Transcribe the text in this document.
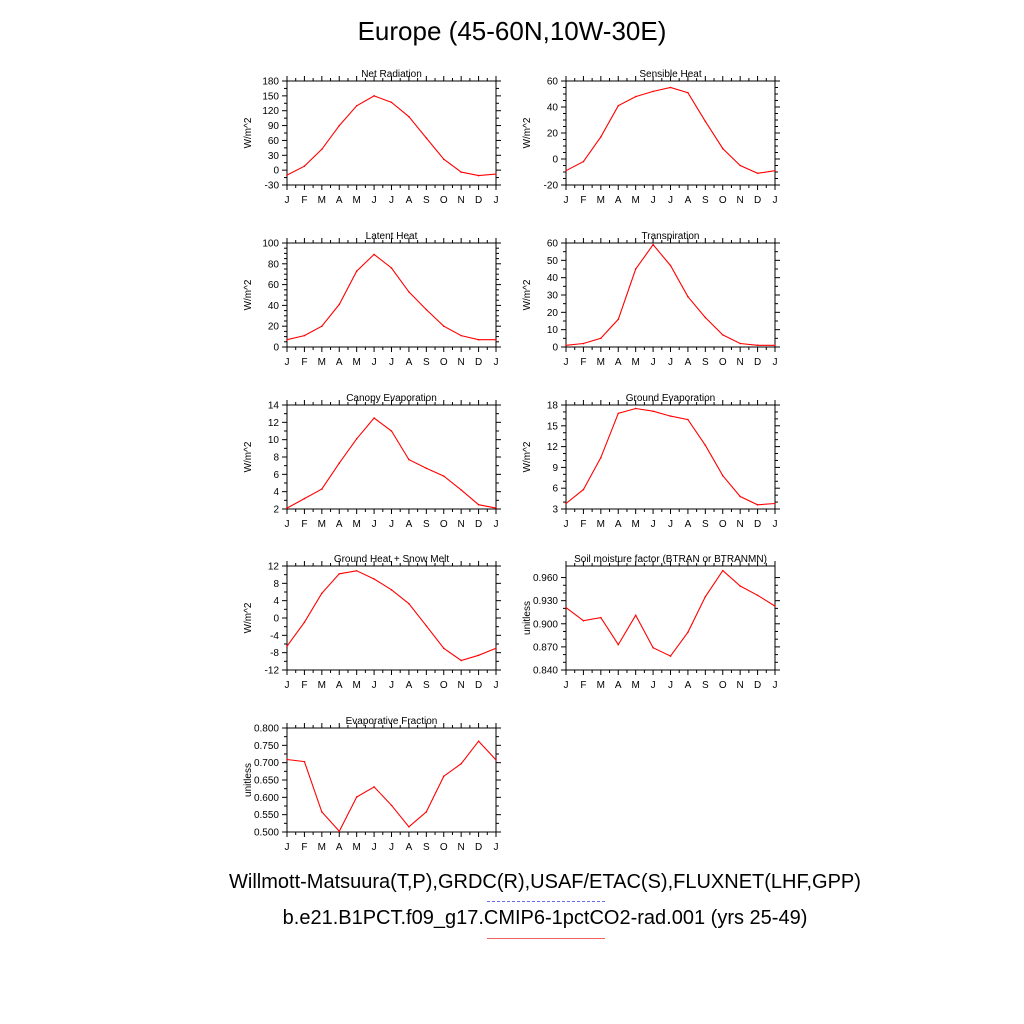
Europe (45-60N,10W-30E)
Net Radiation
W/m^2
-30
0
30
60
90
120
150
180
J F M A M J J A S O N D J
Sensible Heat
W/m^2
-20
0
20
40
60
J F M A M J J A S O N D J
Latent Heat
W/m^2
0
20
40
60
80
100
J F M A M J J A S O N D J
Transpiration
W/m^2
0
10
20
30
40
50
60
J F M A M J J A S O N D J
Canopy Evaporation
W/m^2
2
4
6
8
10
12
14
J F M A M J J A S O N D J
Ground Evaporation
W/m^2
3
6
9
12
15
18
J F M A M J J A S O N D J
Ground Heat + Snow Melt
W/m^2
-12
-8
-4
0
4
8
12
J F M A M J J A S O N D J
Soil moisture factor (BTRAN or BTRANMN)
unitless
0.840
0.870
0.900
0.930
0.960
J F M A M J J A S O N D J
Evaporative Fraction
unitless
0.500
0.550
0.600
0.650
0.700
0.750
0.800
J F M A M J J A S O N D J
Willmott-Matsuura(T,P),GRDC(R),USAF/ETAC(S),FLUXNET(LHF,GPP)
b.e21.B1PCT.f09_g17.CMIP6-1pctCO2-rad.001 (yrs 25-49)
